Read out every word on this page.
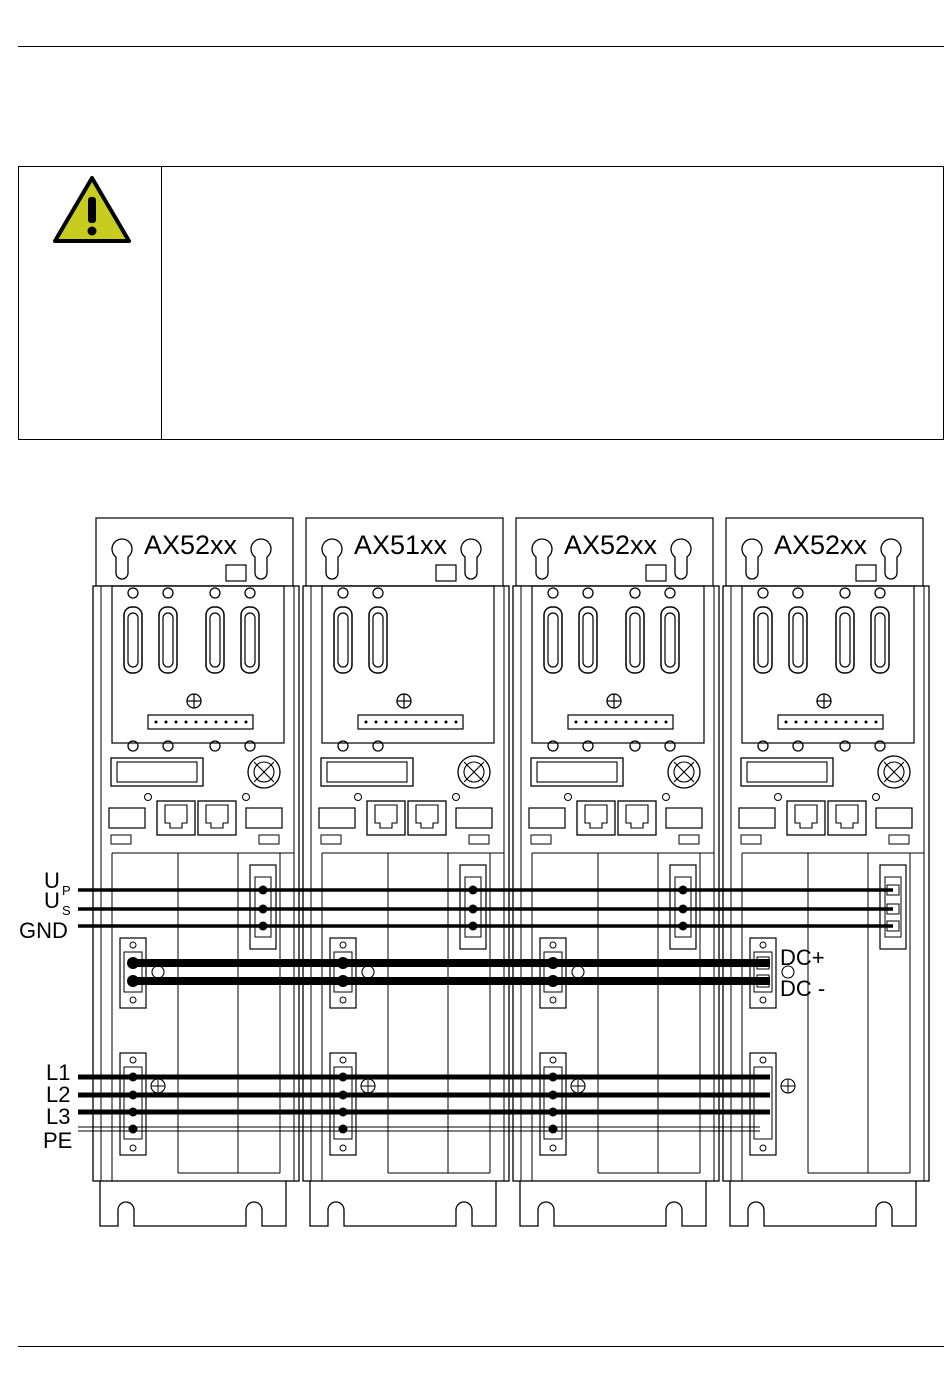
AX52xx	AX51xx	AX52xx	AX52xx
U P
U S
GND
DC+
DC -
L1
L2
L3
PE
